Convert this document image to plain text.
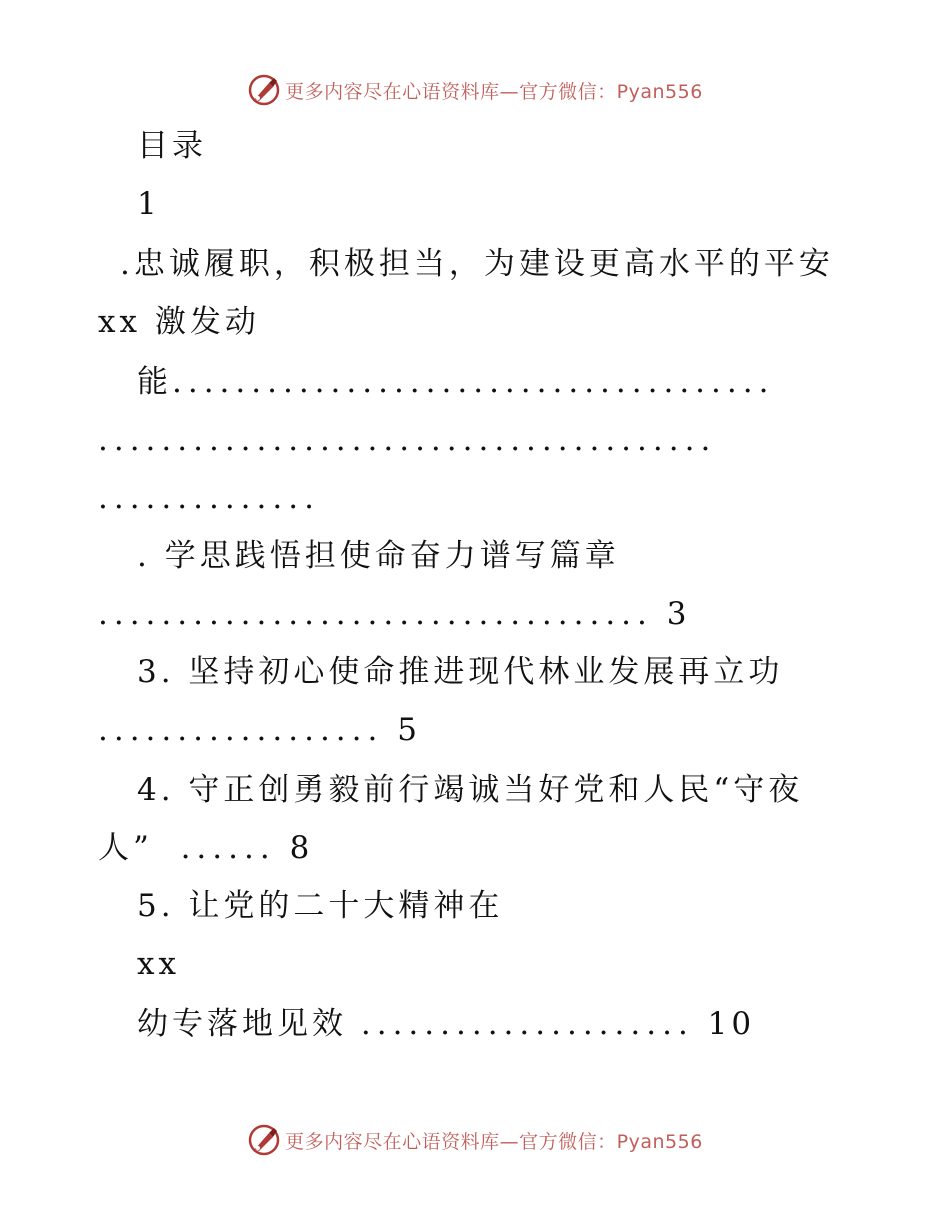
更多内容尽在心语资料库—官方微信：Pyan556

目录

1

.忠诚履职，积极担当，为建设更高水平的平安

xx 激发动

能......................................

.......................................

..............

. 学思践悟担使命奋力谱写篇章

................................... 3

3. 坚持初心使命推进现代林业发展再立功

.................. 5

4. 守正创勇毅前行竭诚当好党和人民“守夜

人” ...... 8

5. 让党的二十大精神在

xx

幼专落地见效 ..................... 10

更多内容尽在心语资料库—官方微信：Pyan556
